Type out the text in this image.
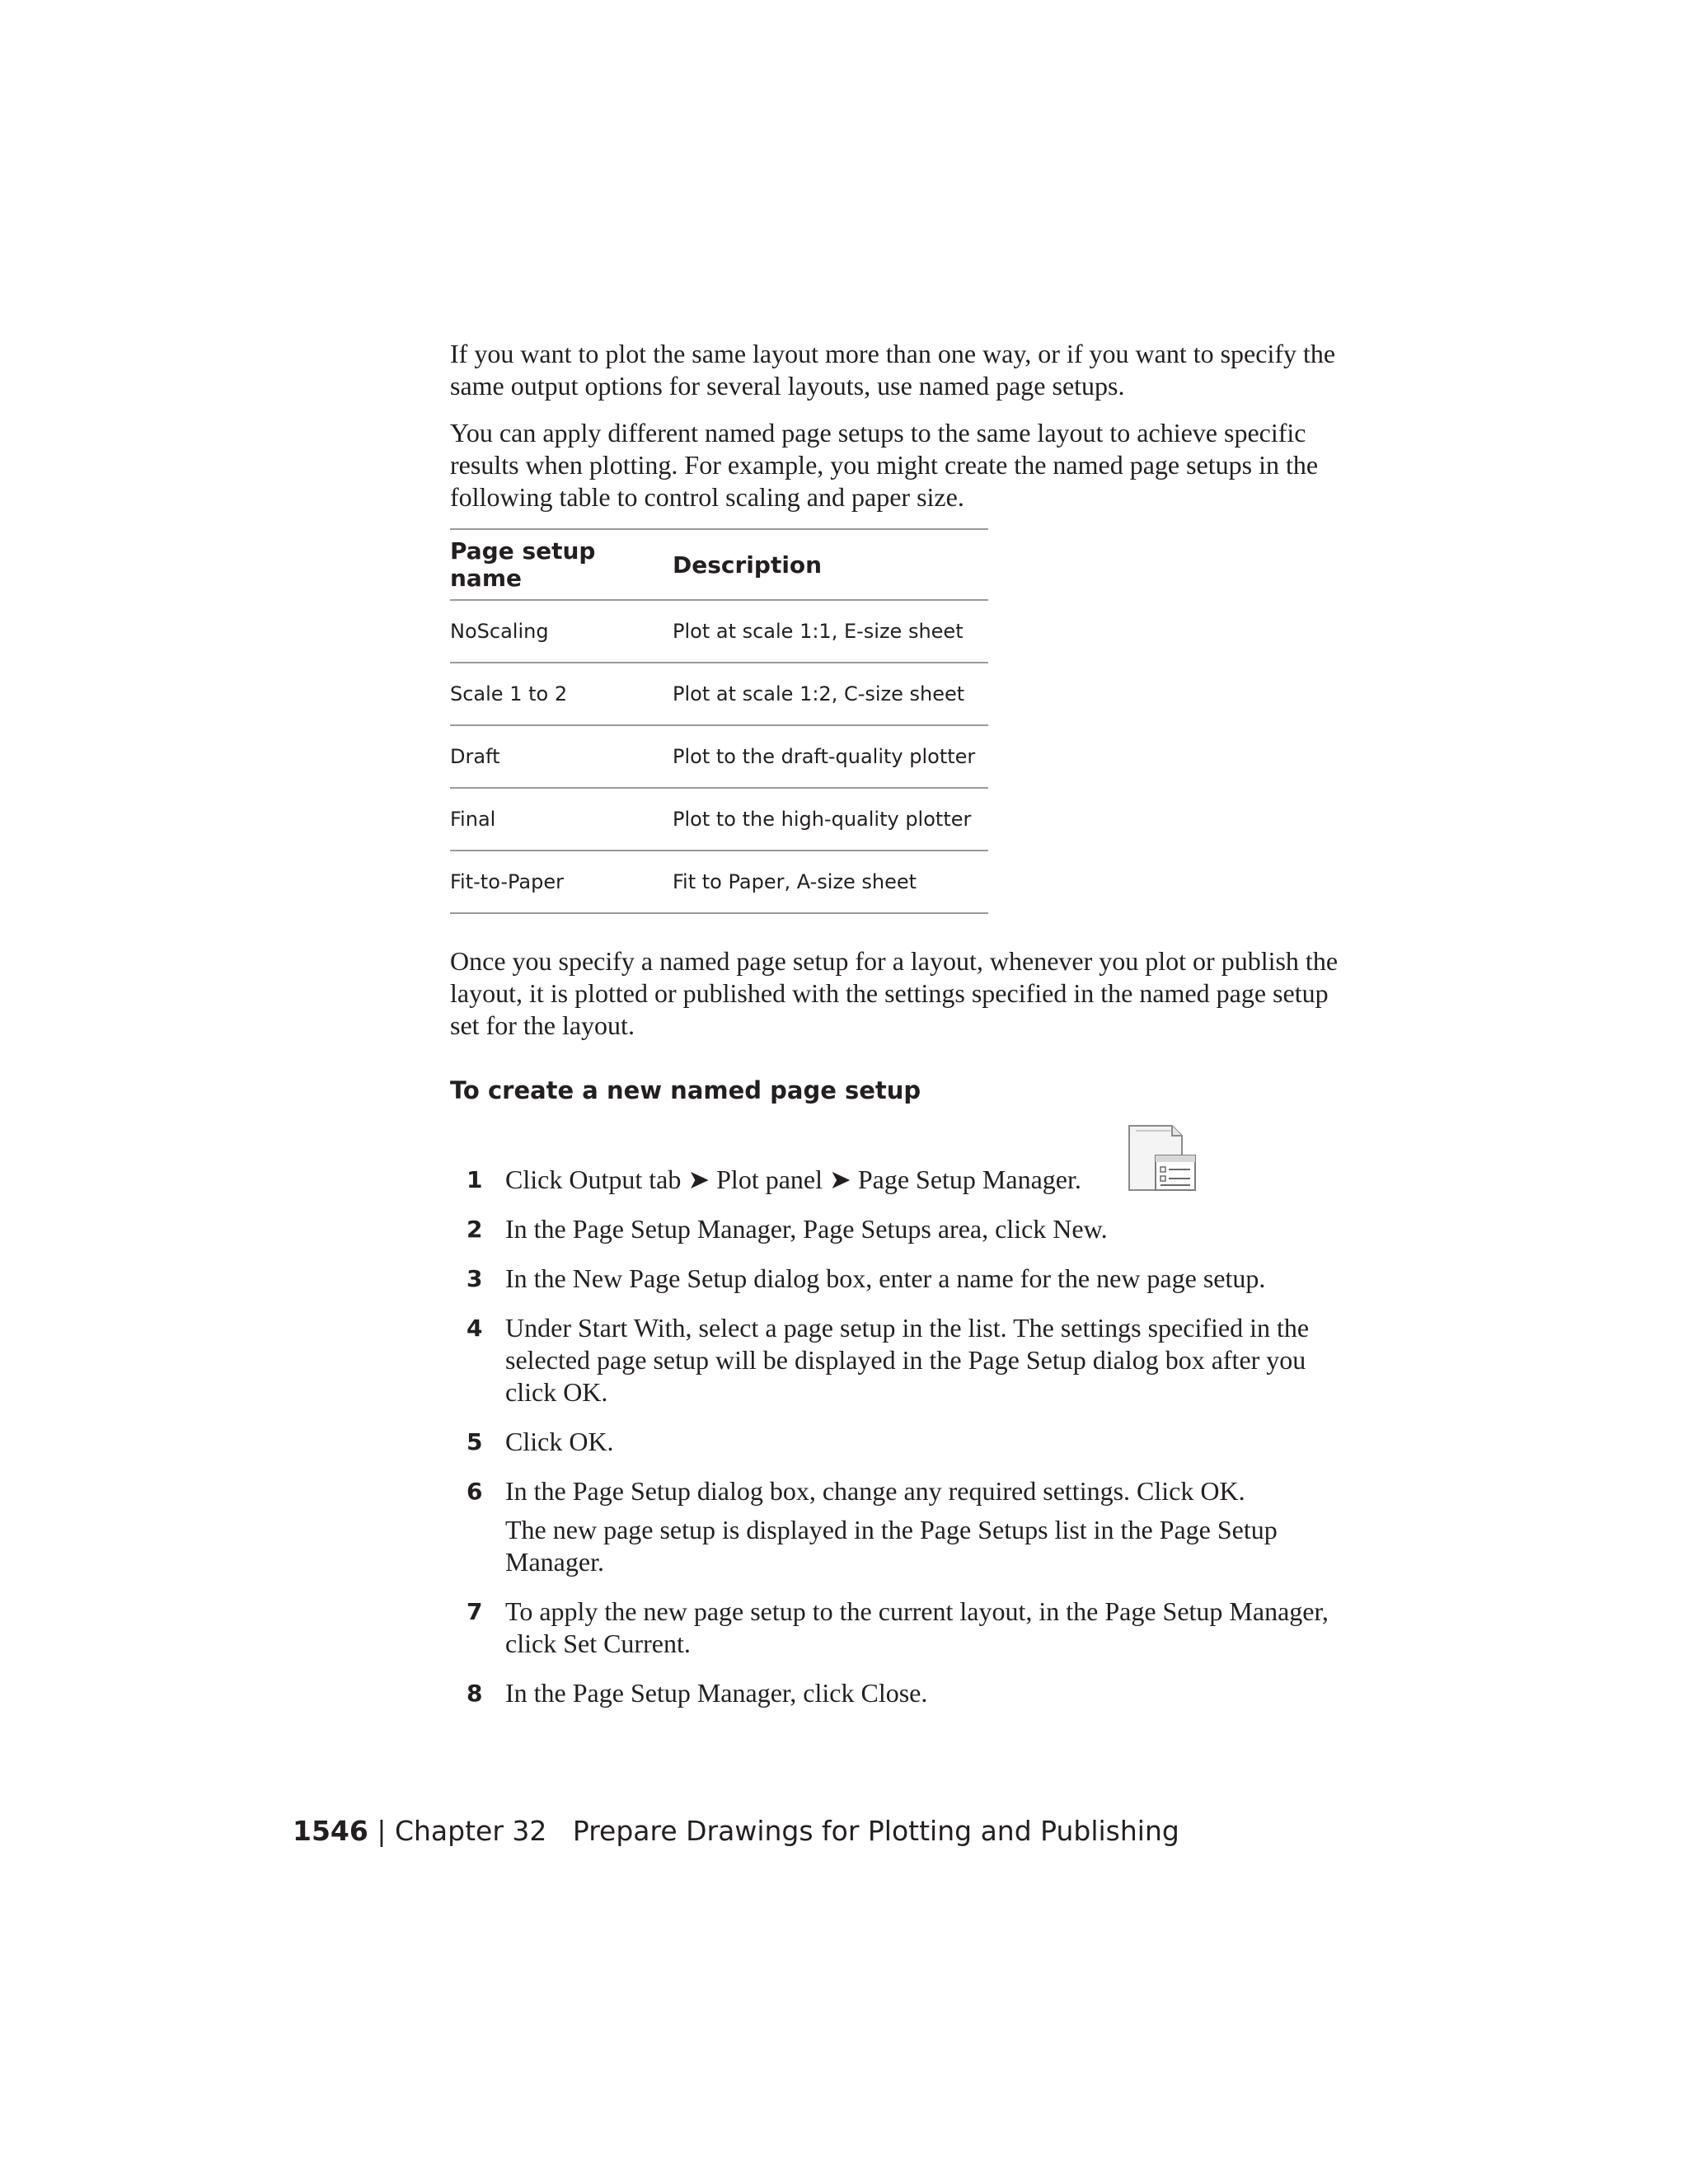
If you want to plot the same layout more than one way, or if you want to specify the same output options for several layouts, use named page setups.

You can apply different named page setups to the same layout to achieve specific results when plotting. For example, you might create the named page setups in the following table to control scaling and paper size.

Page setup name	Description
NoScaling	Plot at scale 1:1, E-size sheet
Scale 1 to 2	Plot at scale 1:2, C-size sheet
Draft	Plot to the draft-quality plotter
Final	Plot to the high-quality plotter
Fit-to-Paper	Fit to Paper, A-size sheet

Once you specify a named page setup for a layout, whenever you plot or publish the layout, it is plotted or published with the settings specified in the named page setup set for the layout.

To create a new named page setup
1 Click Output tab ➤ Plot panel ➤ Page Setup Manager.
2 In the Page Setup Manager, Page Setups area, click New.
3 In the New Page Setup dialog box, enter a name for the new page setup.
4 Under Start With, select a page setup in the list. The settings specified in the selected page setup will be displayed in the Page Setup dialog box after you click OK.
5 Click OK.
6 In the Page Setup dialog box, change any required settings. Click OK.
The new page setup is displayed in the Page Setups list in the Page Setup Manager.
7 To apply the new page setup to the current layout, in the Page Setup Manager, click Set Current.
8 In the Page Setup Manager, click Close.
1546 | Chapter 32 Prepare Drawings for Plotting and Publishing
